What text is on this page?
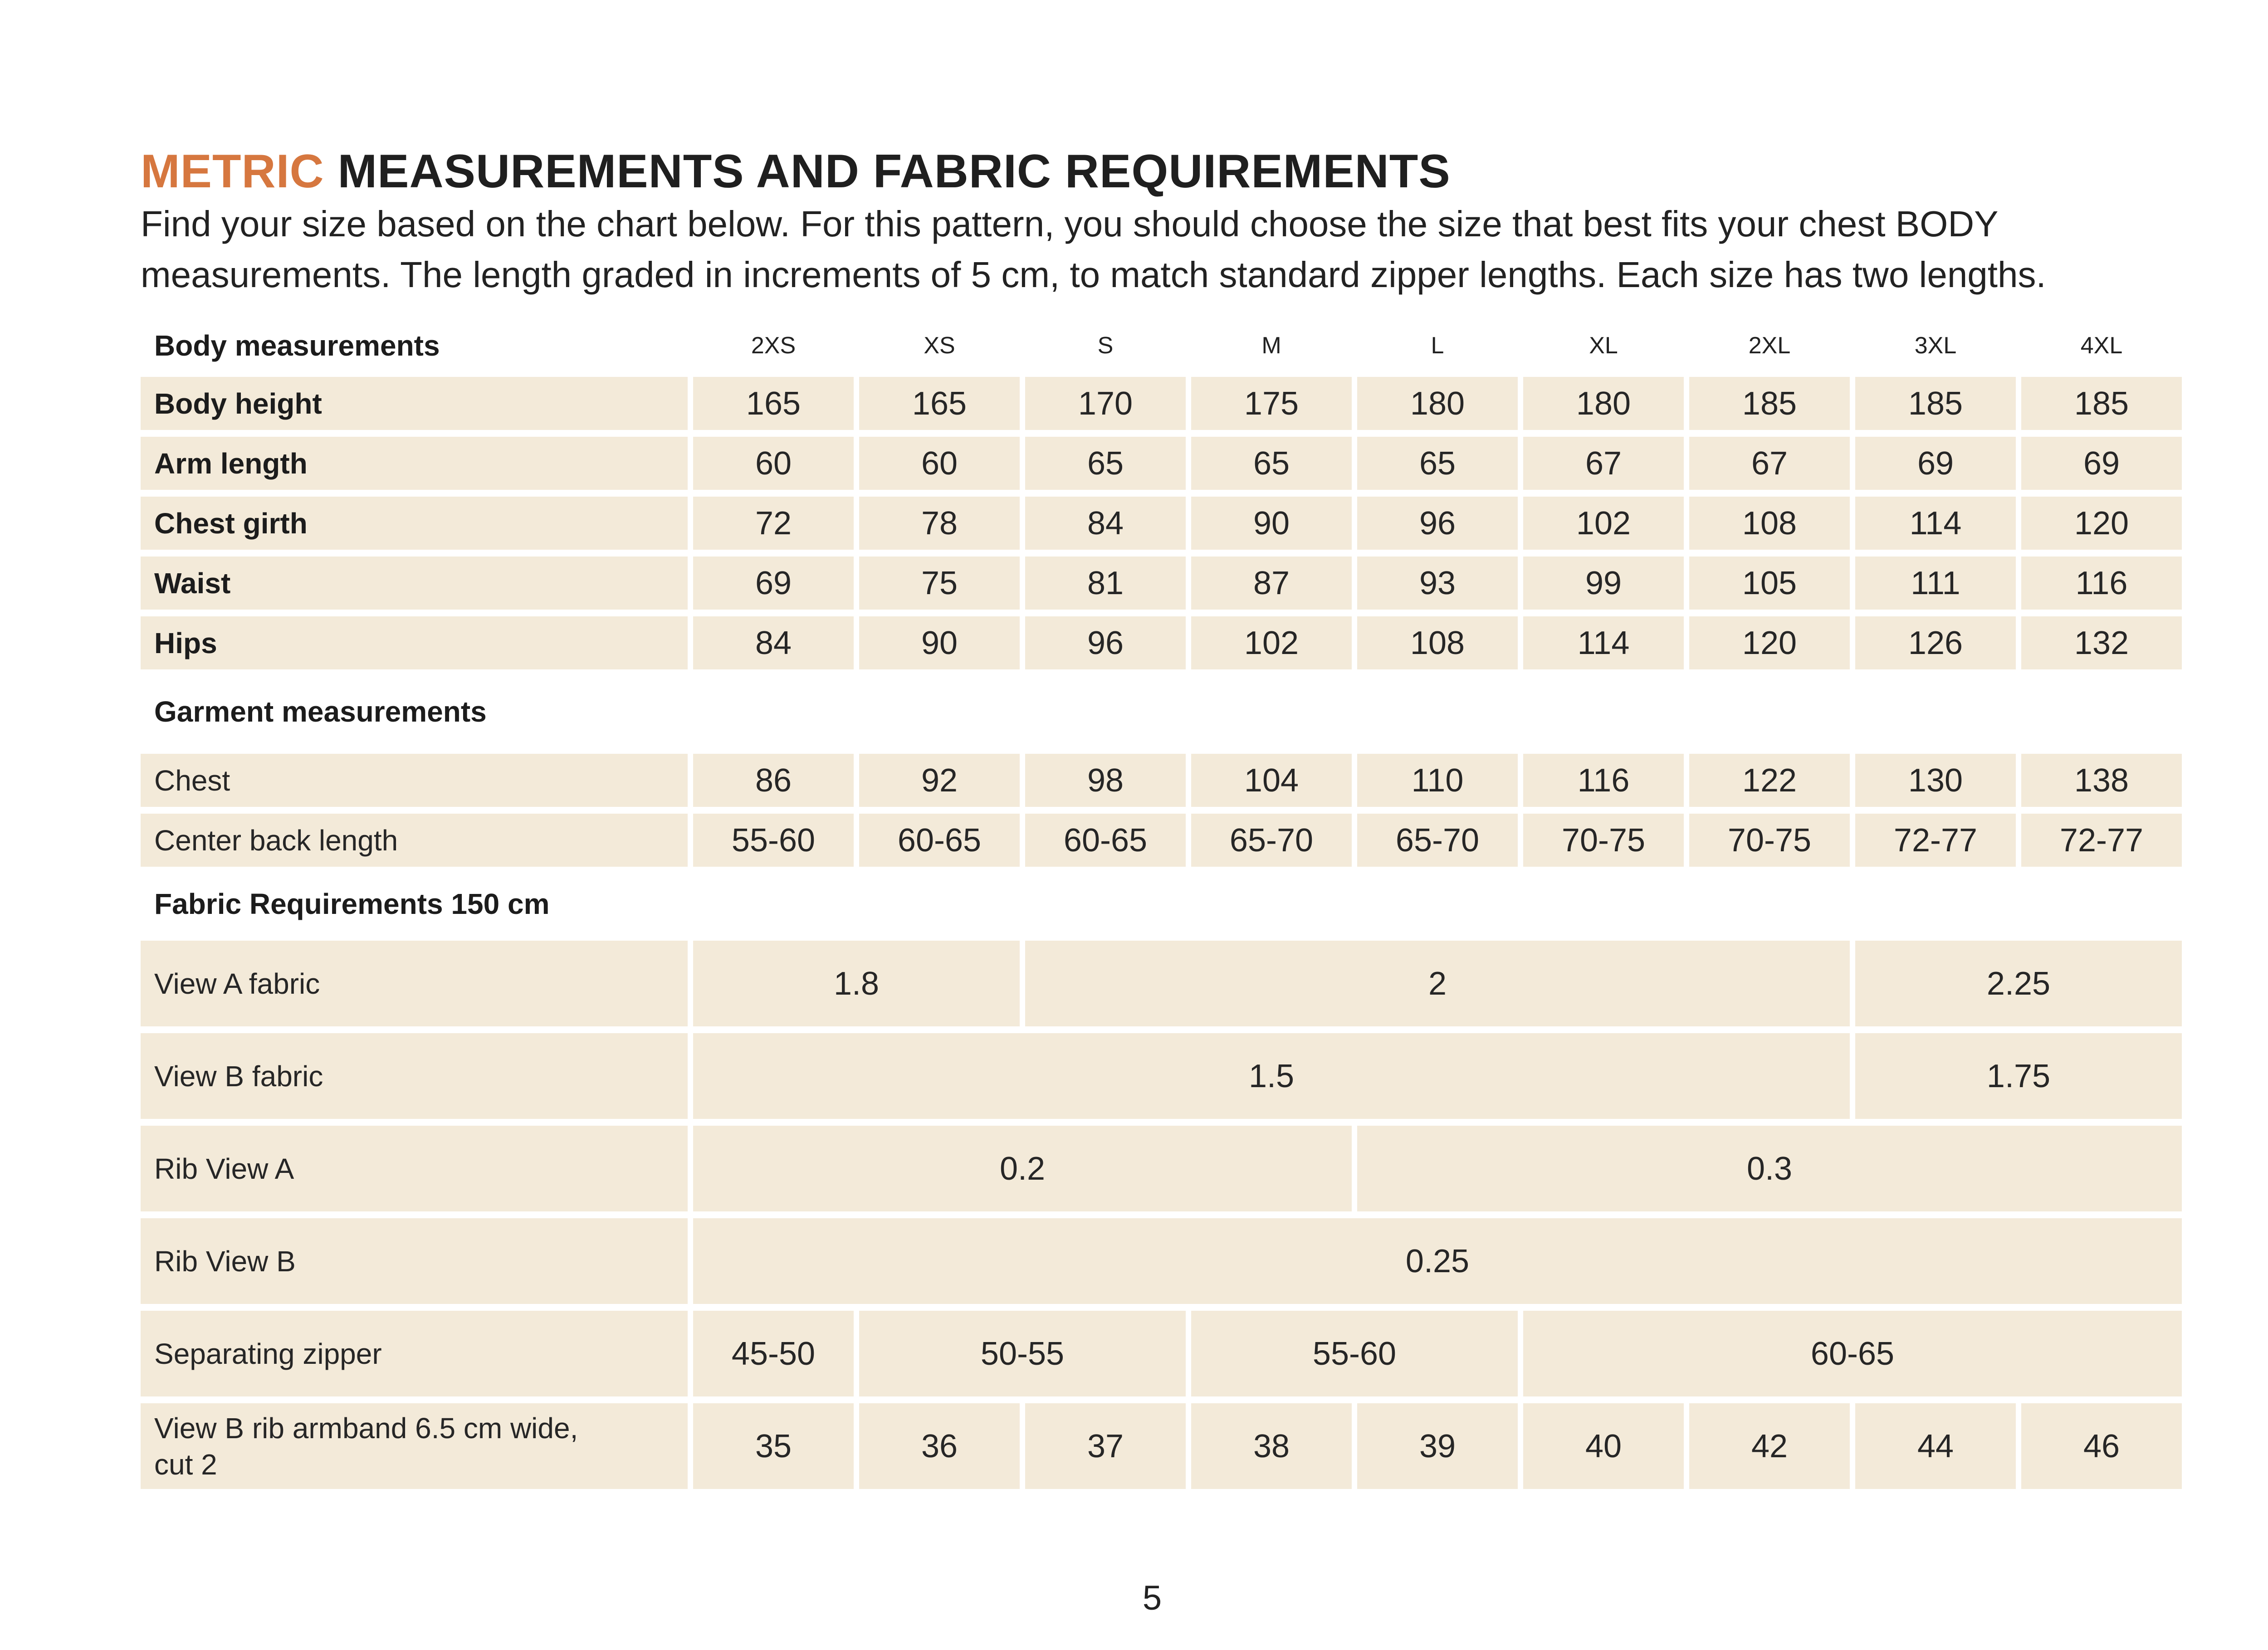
METRIC MEASUREMENTS AND FABRIC REQUIREMENTS

Find your size based on the chart below. For this pattern, you should choose the size that best fits your chest BODY
measurements. The length graded in increments of 5 cm, to match standard zipper lengths. Each size has two lengths.

Body measurements	2XS	XS	S	M	L	XL	2XL	3XL	4XL
Body height	165	165	170	175	180	180	185	185	185
Arm length	60	60	65	65	65	67	67	69	69
Chest girth	72	78	84	90	96	102	108	114	120
Waist	69	75	81	87	93	99	105	111	116
Hips	84	90	96	102	108	114	120	126	132
Garment measurements
Chest	86	92	98	104	110	116	122	130	138
Center back length	55-60	60-65	60-65	65-70	65-70	70-75	70-75	72-77	72-77
Fabric Requirements 150 cm
View A fabric	1.8	2	2.25
View B fabric	1.5	1.75
Rib View A	0.2	0.3
Rib View B	0.25
Separating zipper	45-50	50-55	55-60	60-65
View B rib armband 6.5 cm wide,
cut 2	35	36	37	38	39	40	42	44	46
5
